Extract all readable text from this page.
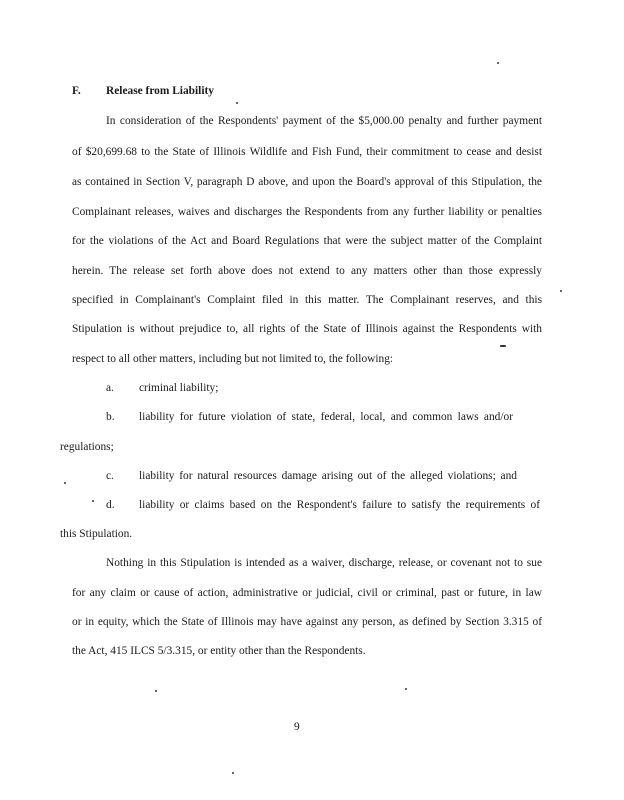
F. Release from Liability
In consideration of the Respondents' payment of the $5,000.00 penalty and further payment
of $20,699.68 to the State of Illinois Wildlife and Fish Fund, their commitment to cease and desist
as contained in Section V, paragraph D above, and upon the Board's approval of this Stipulation, the
Complainant releases, waives and discharges the Respondents from any further liability or penalties
for the violations of the Act and Board Regulations that were the subject matter of the Complaint
herein. The release set forth above does not extend to any matters other than those expressly
specified in Complainant's Complaint filed in this matter. The Complainant reserves, and this
Stipulation is without prejudice to, all rights of the State of Illinois against the Respondents with
respect to all other matters, including but not limited to, the following:
a. criminal liability;
b. liability for future violation of state, federal, local, and common laws and/or
regulations;
c. liability for natural resources damage arising out of the alleged violations; and
d. liability or claims based on the Respondent's failure to satisfy the requirements of
this Stipulation.
Nothing in this Stipulation is intended as a waiver, discharge, release, or covenant not to sue
for any claim or cause of action, administrative or judicial, civil or criminal, past or future, in law
or in equity, which the State of Illinois may have against any person, as defined by Section 3.315 of
the Act, 415 ILCS 5/3.315, or entity other than the Respondents.
9
